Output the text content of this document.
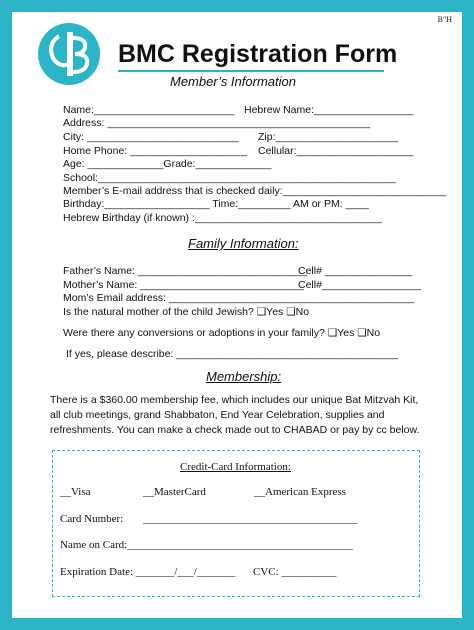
B"H
BMC Registration Form
Member’s Information
Name:________________________ Hebrew Name:_________________
Address: _____________________________________________
City: __________________________ Zip:_____________________
Home Phone: ____________________ Cellular:____________________
Age: _____________Grade:_____________
School:___________________________________________________
Member’s E-mail address that is checked daily:____________________________
Birthday:__________________ Time:_________ AM or PM: ____
Hebrew Birthday (if known) :________________________________
Family Information:
Father’s Name: _____________________________
Cell# _______________
Mother’s Name: ____________________________
Cell#_________________
Mom’s Email address: __________________________________________
Is the natural mother of the child Jewish? ❑Yes ❑No
Were there any conversions or adoptions in your family? ❑Yes ❑No
If yes, please describe: ______________________________________
Membership:
There is a $360.00 membership fee, which includes our unique Bat Mitzvah Kit, all club meetings, grand Shabbaton, End Year Celebration, supplies and refreshments. You can make a check made out to CHABAD or pay by cc below.
Credit-Card Information:
__Visa	__MasterCard	__American Express
Card Number: _______________________________________
Name on Card:_________________________________________
Expiration Date: _______/___/_______ CVC: __________
